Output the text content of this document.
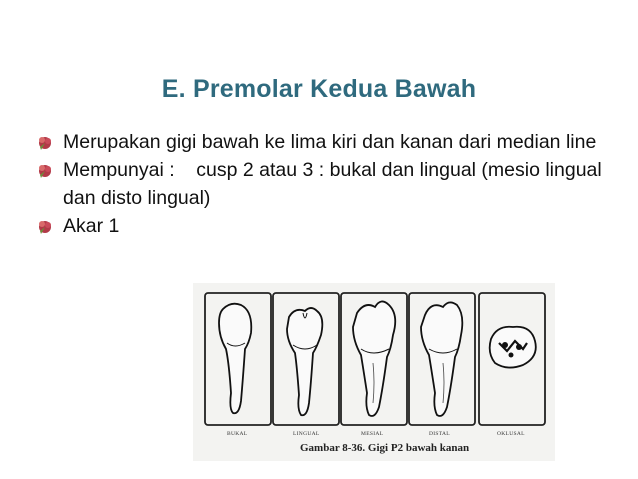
E. Premolar Kedua Bawah
Merupakan gigi bawah ke lima kiri dan kanan dari median line
Mempunyai :    cusp 2 atau 3 : bukal dan lingual (mesio lingual dan disto lingual)
Akar 1
BUKAL	LINGUAL	MESIAL	DISTAL	OKLUSAL
Gambar 8-36. Gigi P2 bawah kanan
